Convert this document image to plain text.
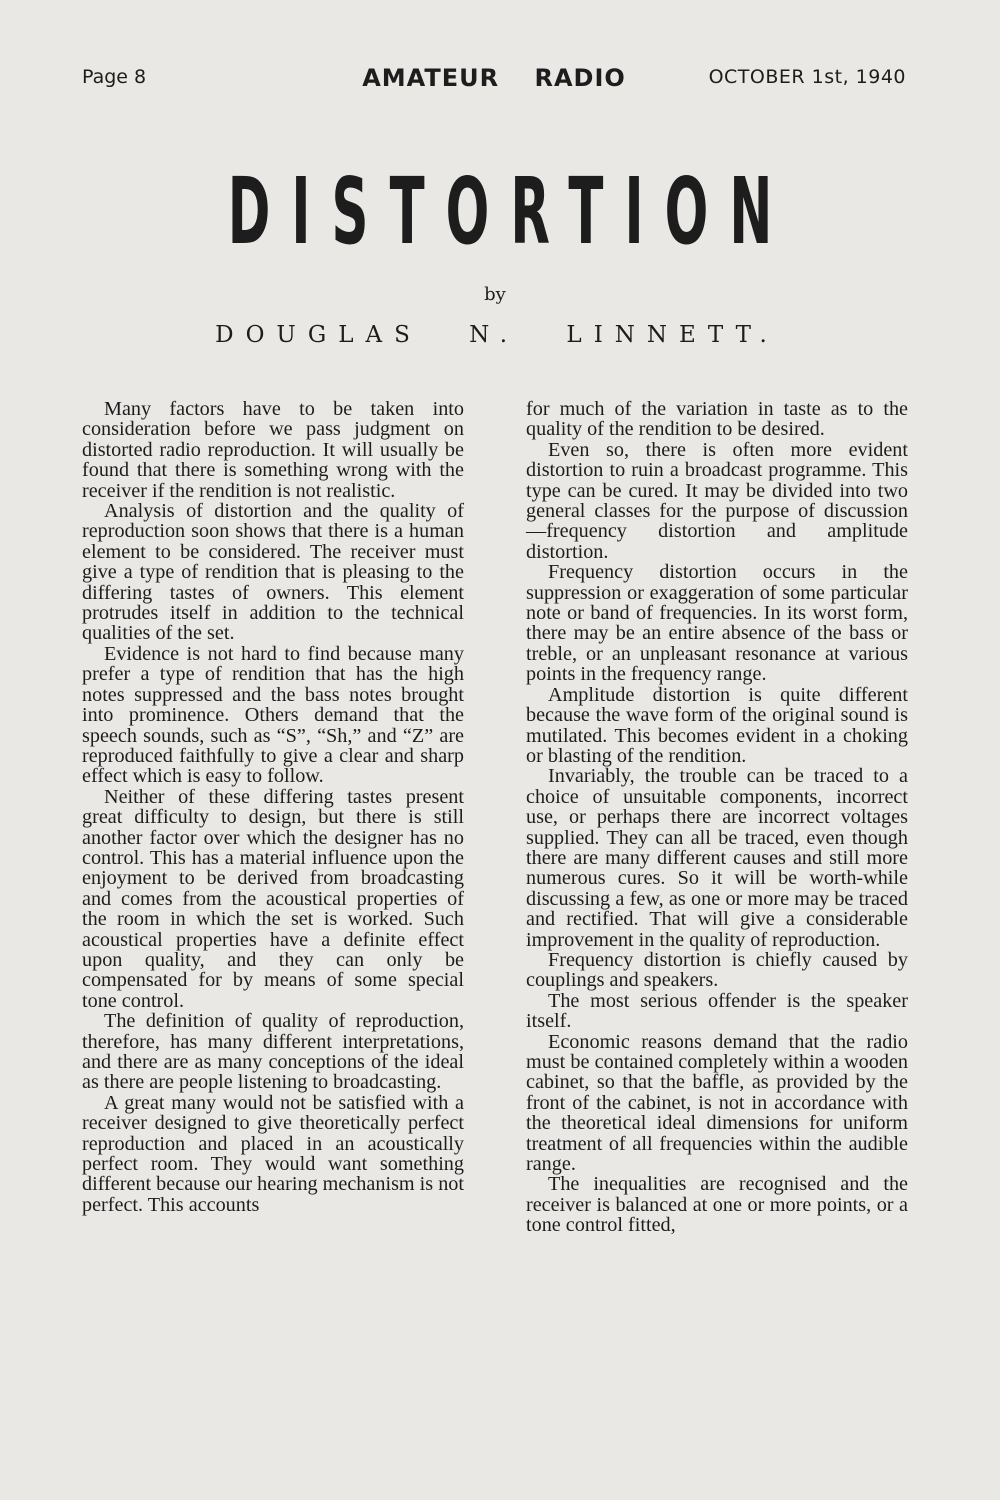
Page 8	AMATEUR RADIO	OCTOBER 1st, 1940
DISTORTION
by
DOUGLAS N. LINNETT.

Many factors have to be taken into consideration before we pass judgment on distorted radio reproduction. It will usually be found that there is something wrong with the receiver if the rendition is not realistic.

Analysis of distortion and the quality of reproduction soon shows that there is a human element to be considered. The receiver must give a type of rendition that is pleasing to the differing tastes of owners. This element protrudes itself in addition to the technical qualities of the set.

Evidence is not hard to find because many prefer a type of rendition that has the high notes suppressed and the bass notes brought into prominence. Others demand that the speech sounds, such as “S”, “Sh,” and “Z” are reproduced faithfully to give a clear and sharp effect which is easy to follow.

Neither of these differing tastes present great difficulty to design, but there is still another factor over which the designer has no control. This has a material influence upon the enjoyment to be derived from broadcasting and comes from the acoustical properties of the room in which the set is worked. Such acoustical properties have a definite effect upon quality, and they can only be compensated for by means of some special tone control.

The definition of quality of reproduction, therefore, has many different interpretations, and there are as many conceptions of the ideal as there are people listening to broadcasting.

A great many would not be satisfied with a receiver designed to give theoretically perfect reproduction and placed in an acoustically perfect room. They would want something different because our hearing mechanism is not perfect. This accounts

for much of the variation in taste as to the quality of the rendition to be desired.

Even so, there is often more evident distortion to ruin a broadcast programme. This type can be cured. It may be divided into two general classes for the purpose of discussion —frequency distortion and amplitude distortion.

Frequency distortion occurs in the suppression or exaggeration of some particular note or band of frequencies. In its worst form, there may be an entire absence of the bass or treble, or an unpleasant resonance at various points in the frequency range.

Amplitude distortion is quite different because the wave form of the original sound is mutilated. This becomes evident in a choking or blasting of the rendition.

Invariably, the trouble can be traced to a choice of unsuitable components, incorrect use, or perhaps there are incorrect voltages supplied. They can all be traced, even though there are many different causes and still more numerous cures. So it will be worth-while discussing a few, as one or more may be traced and rectified. That will give a considerable improvement in the quality of reproduction.

Frequency distortion is chiefly caused by couplings and speakers.

The most serious offender is the speaker itself.

Economic reasons demand that the radio must be contained completely within a wooden cabinet, so that the baffle, as provided by the front of the cabinet, is not in accordance with the theoretical ideal dimensions for uniform treatment of all frequencies within the audible range.

The inequalities are recognised and the receiver is balanced at one or more points, or a tone control fitted,
